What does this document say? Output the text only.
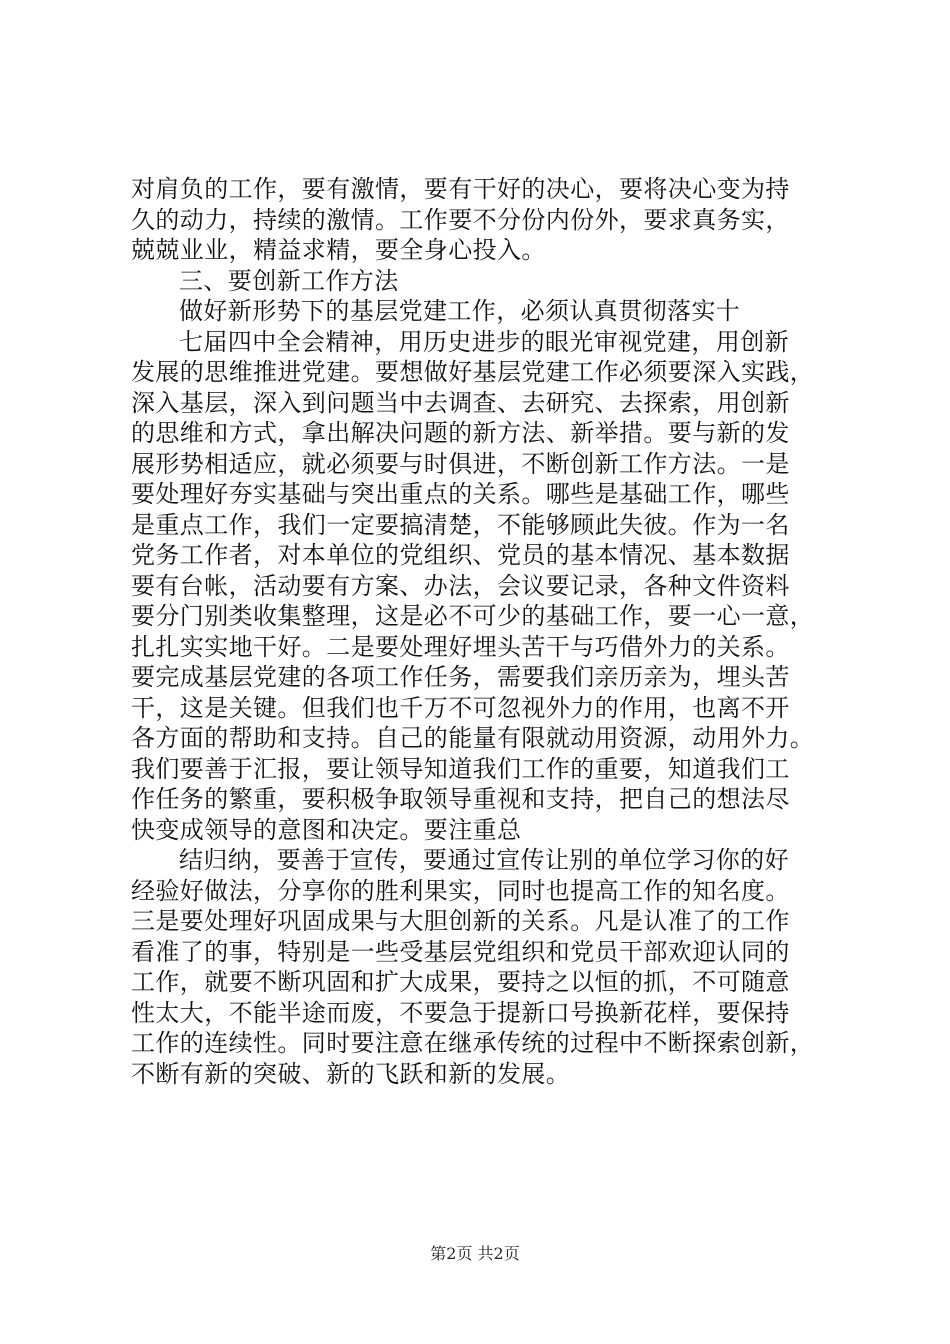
对肩负的工作，要有激情，要有干好的决心，要将决心变为持
久的动力，持续的激情。工作要不分份内份外，要求真务实，
兢兢业业，精益求精，要全身心投入。
三、要创新工作方法
做好新形势下的基层党建工作，必须认真贯彻落实十
七届四中全会精神，用历史进步的眼光审视党建，用创新
发展的思维推进党建。要想做好基层党建工作必须要深入实践，
深入基层，深入到问题当中去调查、去研究、去探索，用创新
的思维和方式，拿出解决问题的新方法、新举措。要与新的发
展形势相适应，就必须要与时俱进，不断创新工作方法。一是
要处理好夯实基础与突出重点的关系。哪些是基础工作，哪些
是重点工作，我们一定要搞清楚，不能够顾此失彼。作为一名
党务工作者，对本单位的党组织、党员的基本情况、基本数据
要有台帐，活动要有方案、办法，会议要记录，各种文件资料
要分门别类收集整理，这是必不可少的基础工作，要一心一意，
扎扎实实地干好。二是要处理好埋头苦干与巧借外力的关系。
要完成基层党建的各项工作任务，需要我们亲历亲为，埋头苦
干，这是关键。但我们也千万不可忽视外力的作用，也离不开
各方面的帮助和支持。自己的能量有限就动用资源，动用外力。
我们要善于汇报，要让领导知道我们工作的重要，知道我们工
作任务的繁重，要积极争取领导重视和支持，把自己的想法尽
快变成领导的意图和决定。要注重总
结归纳，要善于宣传，要通过宣传让别的单位学习你的好
经验好做法，分享你的胜利果实，同时也提高工作的知名度。
三是要处理好巩固成果与大胆创新的关系。凡是认准了的工作
看准了的事，特别是一些受基层党组织和党员干部欢迎认同的
工作，就要不断巩固和扩大成果，要持之以恒的抓，不可随意
性太大，不能半途而废，不要急于提新口号换新花样，要保持
工作的连续性。同时要注意在继承传统的过程中不断探索创新，
不断有新的突破、新的飞跃和新的发展。
第2页 共2页
